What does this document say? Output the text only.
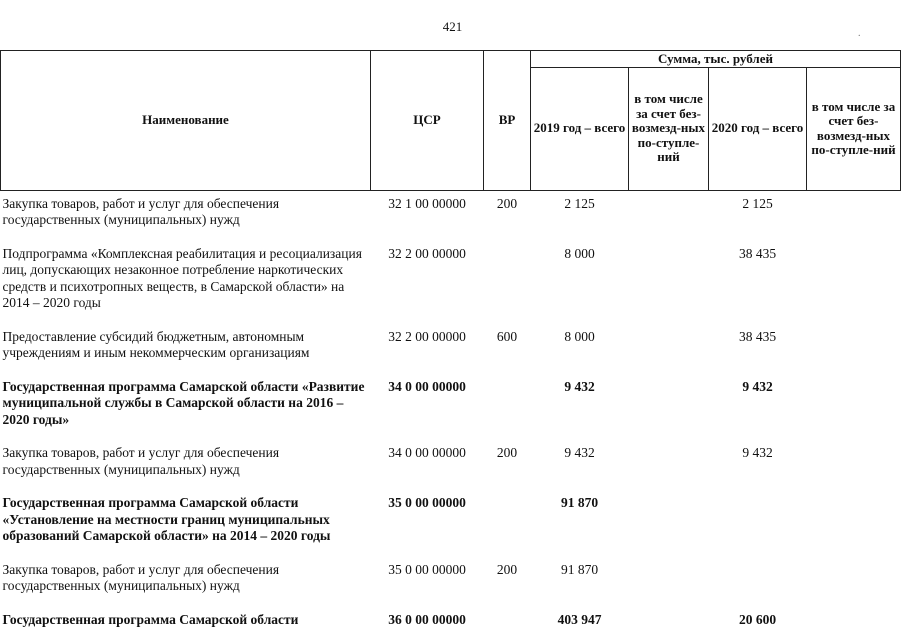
421	.
Наименование	ЦСР	ВР	Сумма, тыс. рублей			
			2019 год – всего	в том числе за счет без-возмезд-ных по-ступле-ний	2020 год – всего	в том числе за счет без-возмезд-ных по-ступле-ний
Закупка товаров, работ и услуг для обеспечения государственных (муниципальных) нужд	32 1 00 00000	200	2 125		2 125	
Подпрограмма «Комплексная реабилитация и ресоциализация лиц, допускающих незаконное потребление наркотических средств и психотропных веществ, в Самарской области» на 2014 – 2020 годы	32 2 00 00000		8 000		38 435	
Предоставление субсидий бюджетным, автономным учреждениям и иным некоммерческим организациям	32 2 00 00000	600	8 000		38 435	
Государственная программа Самарской области «Развитие муниципальной службы в Самарской области на 2016 – 2020 годы»	34 0 00 00000		9 432		9 432	
Закупка товаров, работ и услуг для обеспечения государственных (муниципальных) нужд	34 0 00 00000	200	9 432		9 432	
Государственная программа Самарской области «Установление на местности границ муниципальных образований Самарской области» на 2014 – 2020 годы	35 0 00 00000		91 870			
Закупка товаров, работ и услуг для обеспечения государственных (муниципальных) нужд	35 0 00 00000	200	91 870			
Государственная программа Самарской области	36 0 00 00000		403 947		20 600	
